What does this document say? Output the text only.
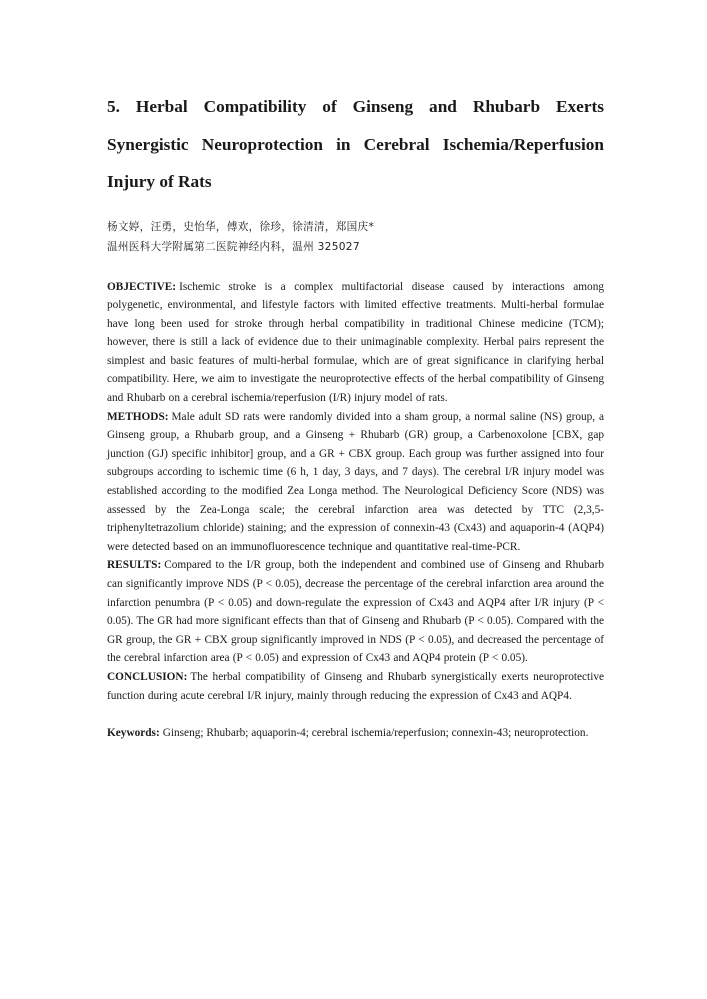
5. Herbal Compatibility of Ginseng and Rhubarb Exerts Synergistic Neuroprotection in Cerebral Ischemia/Reperfusion Injury of Rats
杨文婷，汪勇，史怡华，傅欢，徐珍，徐清清，郑国庆*
温州医科大学附属第二医院神经内科，温州 325027

OBJECTIVE: Ischemic stroke is a complex multifactorial disease caused by interactions among polygenetic, environmental, and lifestyle factors with limited effective treatments. Multi-herbal formulae have long been used for stroke through herbal compatibility in traditional Chinese medicine (TCM); however, there is still a lack of evidence due to their unimaginable complexity. Herbal pairs represent the simplest and basic features of multi-herbal formulae, which are of great significance in clarifying herbal compatibility. Here, we aim to investigate the neuroprotective effects of the herbal compatibility of Ginseng and Rhubarb on a cerebral ischemia/reperfusion (I/R) injury model of rats.

METHODS: Male adult SD rats were randomly divided into a sham group, a normal saline (NS) group, a Ginseng group, a Rhubarb group, and a Ginseng + Rhubarb (GR) group, a Carbenoxolone [CBX, gap junction (GJ) specific inhibitor] group, and a GR + CBX group. Each group was further assigned into four subgroups according to ischemic time (6 h, 1 day, 3 days, and 7 days). The cerebral I/R injury model was established according to the modified Zea Longa method. The Neurological Deficiency Score (NDS) was assessed by the Zea-Longa scale; the cerebral infarction area was detected by TTC (2,3,5-triphenyltetrazolium chloride) staining; and the expression of connexin-43 (Cx43) and aquaporin-4 (AQP4) were detected based on an immunofluorescence technique and quantitative real-time-PCR.

RESULTS: Compared to the I/R group, both the independent and combined use of Ginseng and Rhubarb can significantly improve NDS (P < 0.05), decrease the percentage of the cerebral infarction area around the infarction penumbra (P < 0.05) and down-regulate the expression of Cx43 and AQP4 after I/R injury (P < 0.05). The GR had more significant effects than that of Ginseng and Rhubarb (P < 0.05). Compared with the GR group, the GR + CBX group significantly improved in NDS (P < 0.05), and decreased the percentage of the cerebral infarction area (P < 0.05) and expression of Cx43 and AQP4 protein (P < 0.05).

CONCLUSION: The herbal compatibility of Ginseng and Rhubarb synergistically exerts neuroprotective function during acute cerebral I/R injury, mainly through reducing the expression of Cx43 and AQP4.

Keywords: Ginseng; Rhubarb; aquaporin-4; cerebral ischemia/reperfusion; connexin-43; neuroprotection.
